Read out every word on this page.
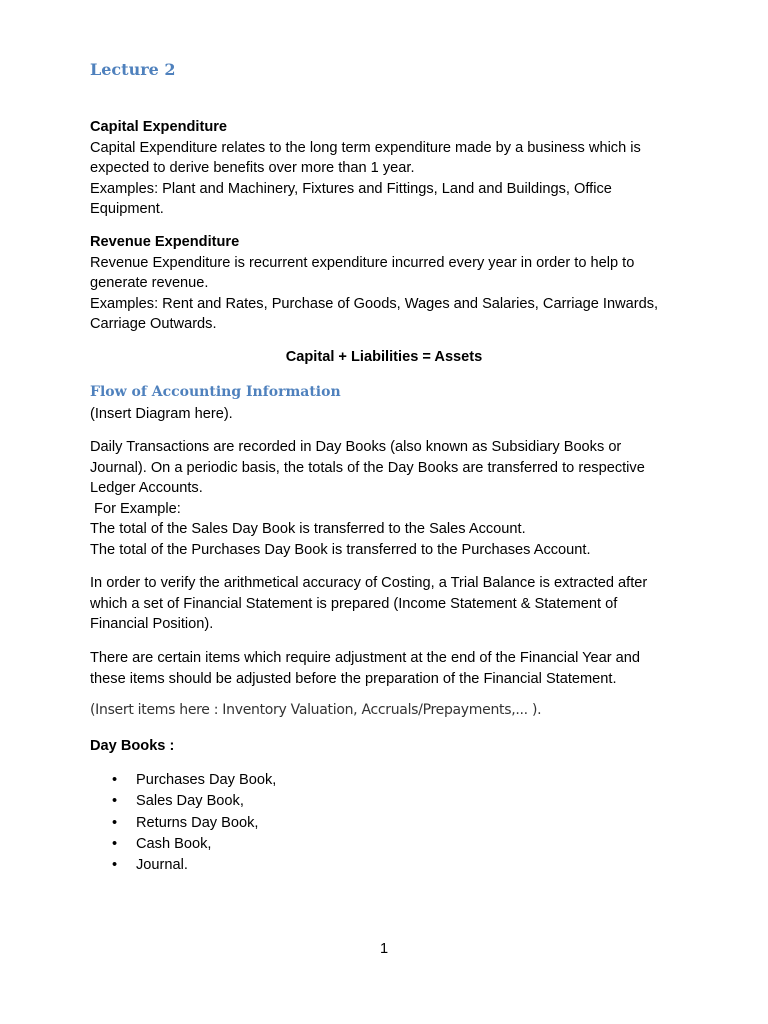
Lecture 2
Capital Expenditure
Capital Expenditure relates to the long term expenditure made by a business which is
expected to derive benefits over more than 1 year.
Examples: Plant and Machinery, Fixtures and Fittings, Land and Buildings, Office
Equipment.
Revenue Expenditure
Revenue Expenditure is recurrent expenditure incurred every year in order to help to
generate revenue.
Examples: Rent and Rates, Purchase of Goods, Wages and Salaries, Carriage Inwards,
Carriage Outwards.
Capital + Liabilities = Assets
Flow of Accounting Information
(Insert Diagram here).
Daily Transactions are recorded in Day Books (also known as Subsidiary Books or
Journal). On a periodic basis, the totals of the Day Books are transferred to respective
Ledger Accounts.
For Example:
The total of the Sales Day Book is transferred to the Sales Account.
The total of the Purchases Day Book is transferred to the Purchases Account.
In order to verify the arithmetical accuracy of Costing, a Trial Balance is extracted after
which a set of Financial Statement is prepared (Income Statement & Statement of
Financial Position).
There are certain items which require adjustment at the end of the Financial Year and
these items should be adjusted before the preparation of the Financial Statement.
(Insert items here : Inventory Valuation, Accruals/Prepayments,... ).
Day Books :
• Purchases Day Book,
• Sales Day Book,
• Returns Day Book,
• Cash Book,
• Journal.
1
